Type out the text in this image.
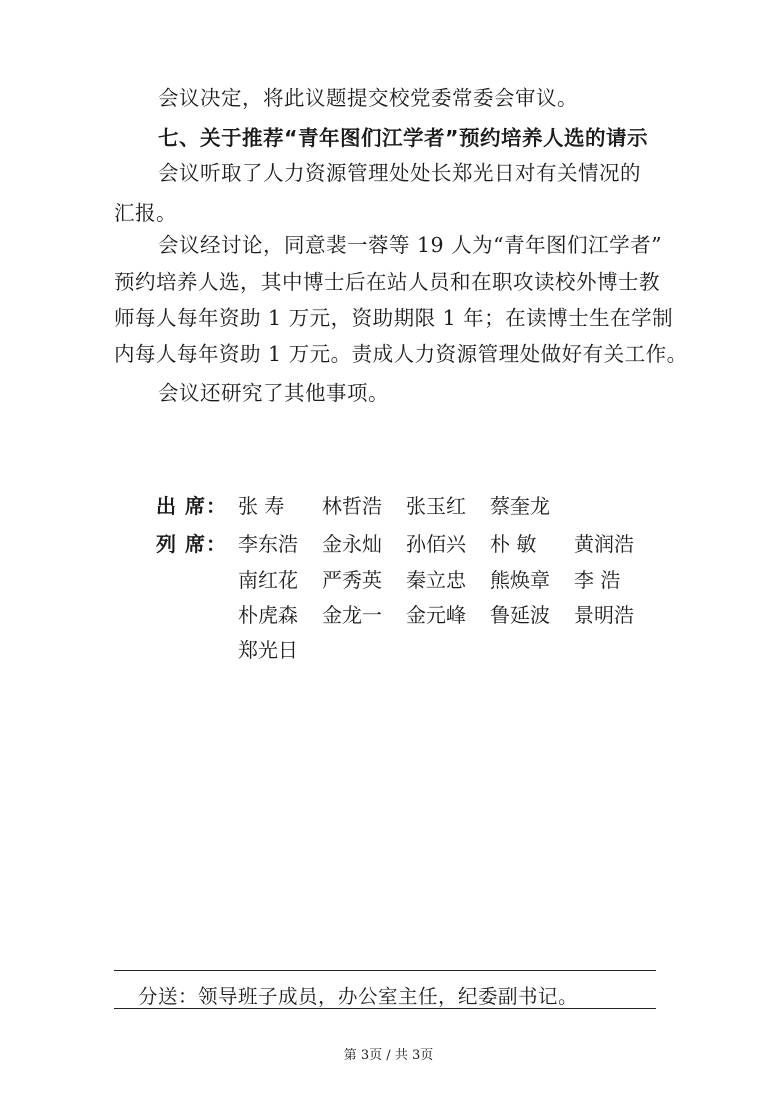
会议决定，将此议题提交校党委常委会审议。
七、关于推荐“青年图们江学者”预约培养人选的请示
会议听取了人力资源管理处处长郑光日对有关情况的
汇报。
会议经讨论，同意裴一蓉等 19 人为“青年图们江学者”
预约培养人选，其中博士后在站人员和在职攻读校外博士教
师每人每年资助 1 万元，资助期限 1 年；在读博士生在学制
内每人每年资助 1 万元。责成人力资源管理处做好有关工作。
会议还研究了其他事项。
出 席： 张 寿 林哲浩 张玉红 蔡奎龙
列 席： 李东浩 金永灿 孙佰兴 朴 敏 黄润浩
南红花 严秀英 秦立忠 熊焕章 李 浩
朴虎森 金龙一 金元峰 鲁延波 景明浩
郑光日
分送：领导班子成员，办公室主任，纪委副书记。
第 3页 / 共 3页
